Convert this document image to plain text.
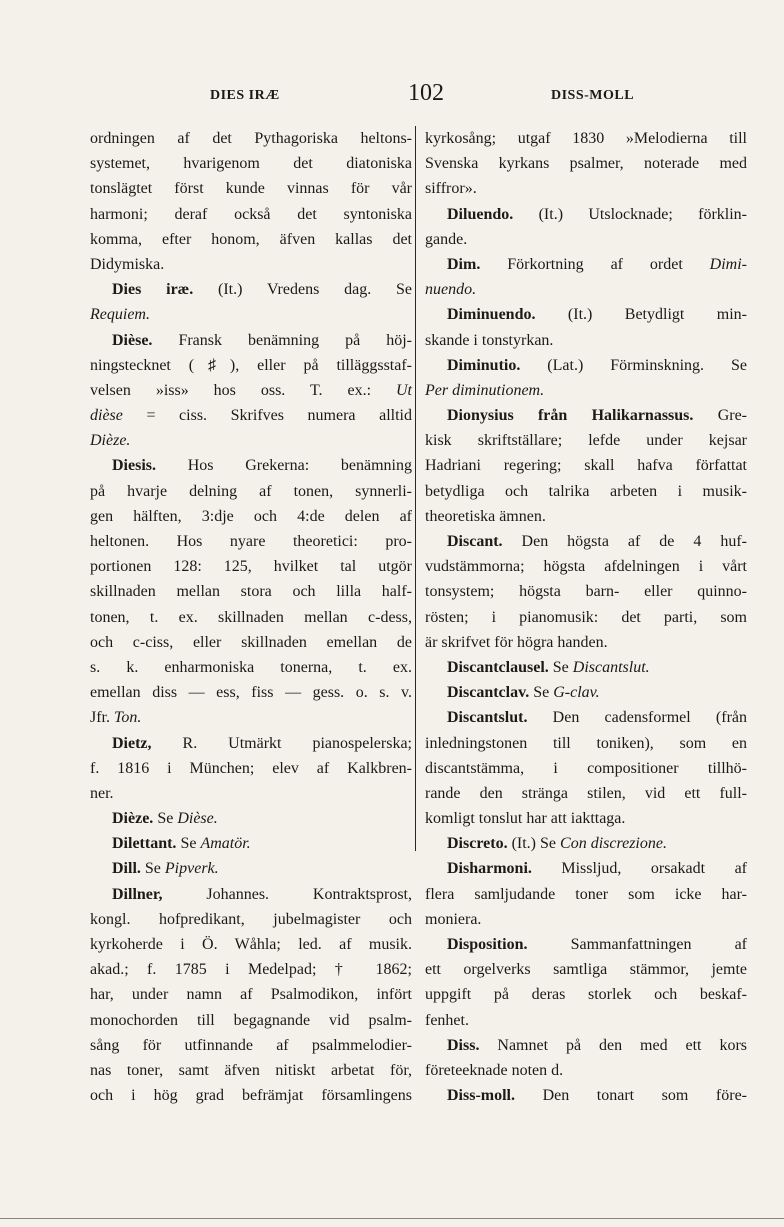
DIES IRÆ	102	DISS-MOLL
ordningen af det Pythagoriska heltons-
systemet, hvarigenom det diatoniska
tonslägtet först kunde vinnas för vår
harmoni; deraf också det syntoniska
komma, efter honom, äfven kallas det
Didymiska.
Dies iræ. (It.) Vredens dag. Se
Requiem.
Dièse. Fransk benämning på höj-
ningstecknet (♯), eller på tilläggsstaf-
velsen »iss» hos oss. T. ex.: Ut
dièse = ciss. Skrifves numera alltid
Dièze.
Diesis. Hos Grekerna: benämning
på hvarje delning af tonen, synnerli-
gen hälften, 3:dje och 4:de delen af
heltonen. Hos nyare theoretici: pro-
portionen 128: 125, hvilket tal utgör
skillnaden mellan stora och lilla half-
tonen, t. ex. skillnaden mellan c-dess,
och c-ciss, eller skillnaden emellan de
s. k. enharmoniska tonerna, t. ex.
emellan diss — ess, fiss — gess. o. s. v.
Jfr. Ton.
Dietz, R. Utmärkt pianospelerska;
f. 1816 i München; elev af Kalkbren-
ner.
Dièze. Se Dièse.
Dilettant. Se Amatör.
Dill. Se Pipverk.
Dillner, Johannes. Kontraktsprost,
kongl. hofpredikant, jubelmagister och
kyrkoherde i Ö. Wåhla; led. af musik.
akad.; f. 1785 i Medelpad; † 1862;
har, under namn af Psalmodikon, infört
monochorden till begagnande vid psalm-
sång för utfinnande af psalmmelodier-
nas toner, samt äfven nitiskt arbetat för,
och i hög grad befrämjat församlingens
kyrkosång; utgaf 1830 »Melodierna till
Svenska kyrkans psalmer, noterade med
siffror».
Diluendo. (It.) Utslocknade; förklin-
gande.
Dim. Förkortning af ordet Dimi-
nuendo.
Diminuendo. (It.) Betydligt min-
skande i tonstyrkan.
Diminutio. (Lat.) Förminskning. Se
Per diminutionem.
Dionysius från Halikarnassus. Gre-
kisk skriftställare; lefde under kejsar
Hadriani regering; skall hafva författat
betydliga och talrika arbeten i musik-
theoretiska ämnen.
Discant. Den högsta af de 4 huf-
vudstämmorna; högsta afdelningen i vårt
tonsystem; högsta barn- eller quinno-
rösten; i pianomusik: det parti, som
är skrifvet för högra handen.
Discantclausel. Se Discantslut.
Discantclav. Se G-clav.
Discantslut. Den cadensformel (från
inledningstonen till toniken), som en
discantstämma, i compositioner tillhö-
rande den stränga stilen, vid ett full-
komligt tonslut har att iakttaga.
Discreto. (It.) Se Con discrezione.
Disharmoni. Missljud, orsakadt af
flera samljudande toner som icke har-
moniera.
Disposition. Sammanfattningen af
ett orgelverks samtliga stämmor, jemte
uppgift på deras storlek och beskaf-
fenhet.
Diss. Namnet på den med ett kors
företeeknade noten d.
Diss-moll. Den tonart som före-
